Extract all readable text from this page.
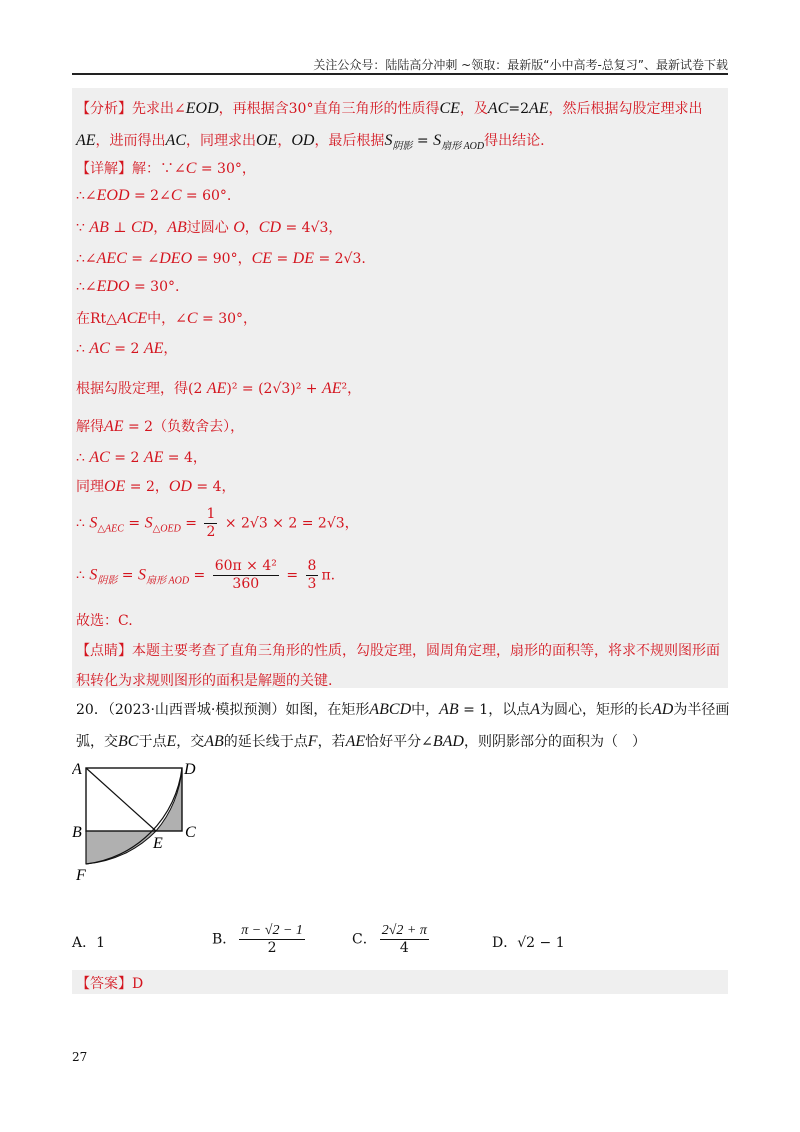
关注公众号：陆陆高分冲刺 ~领取：最新版“小中高考-总复习”、最新试卷下载
【分析】先求出∠EOD，再根据含30°直角三角形的性质得CE，及AC=2AE，然后根据勾股定理求出
AE，进而得出AC，同理求出OE，OD，最后根据$S_{阴影} = S_{扇形 AOD}$得出结论.
【详解】解：∵∠C = 30°，
∴∠EOD = 2∠C = 60°.
∵ AB ⊥ CD，AB过圆心 O，CD = 4√3，
∴∠AEC = ∠DEO = 90°，CE = DE = 2√3.
∴∠EDO = 30°.
在Rt△ACE中，∠C = 30°，
∴ AC = 2 AE，
根据勾股定理，得(2 AE)² = (2√3)² + AE²，
解得AE = 2（负数舍去），
∴ AC = 2 AE = 4，
同理OE = 2，OD = 4，
∴ $S_{\triangle AEC} = S_{\triangle OED} = \frac{1}{2} \times 2√3 \times 2 = 2√3$，
∴ $S_{阴影} = S_{扇形 AOD} = \frac{\text{60π × 4²}}{360} = \frac{8}{3} \pi$.
故选：C.
【点睛】本题主要考查了直角三角形的性质，勾股定理，圆周角定理，扇形的面积等，将求不规则图形面
积转化为求规则图形的面积是解题的关键.
20．（2023·山西晋城·模拟预测）如图，在矩形ABCD中，AB = 1，以点A为圆心，矩形的长AD为半径画
弧，交BC于点E，交AB的延长线于点F，若AE恰好平分∠BAD，则阴影部分的面积为（　）
A	D
B	C
E
F
A．1	B． $\frac{\pi - √2 - 1}{2}$	C． $\frac{2√2 + \pi}{4}$	D．√2 − 1
【答案】D
27
